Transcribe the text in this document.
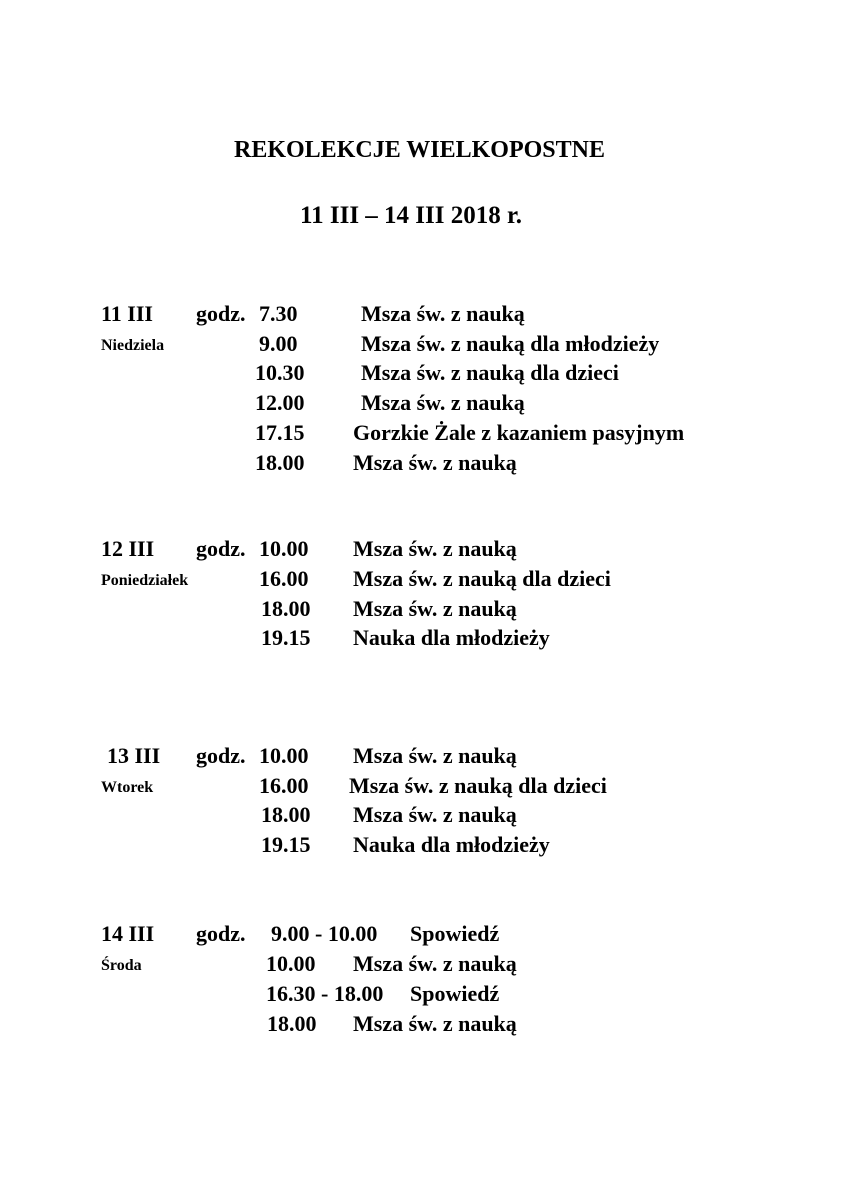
REKOLEKCJE WIELKOPOSTNE
11 III – 14 III 2018 r.
11 III godz. 7.30	Msza św. z nauką
Niedziela	9.00	Msza św. z nauką dla młodzieży
10.30	Msza św. z nauką dla dzieci
12.00	Msza św. z nauką
17.15 Gorzkie Żale z kazaniem pasyjnym
18.00 Msza św. z nauką
12 III godz. 10.00 Msza św. z nauką
Poniedziałek	16.00 Msza św. z nauką dla dzieci
18.00 Msza św. z nauką
19.15 Nauka dla młodzieży
13 III godz. 10.00 Msza św. z nauką
Wtorek	16.00 Msza św. z nauką dla dzieci
18.00 Msza św. z nauką
19.15 Nauka dla młodzieży
14 III godz. 9.00 - 10.00 Spowiedź
Środa	10.00 Msza św. z nauką
16.30 - 18.00 Spowiedź
18.00 Msza św. z nauką
